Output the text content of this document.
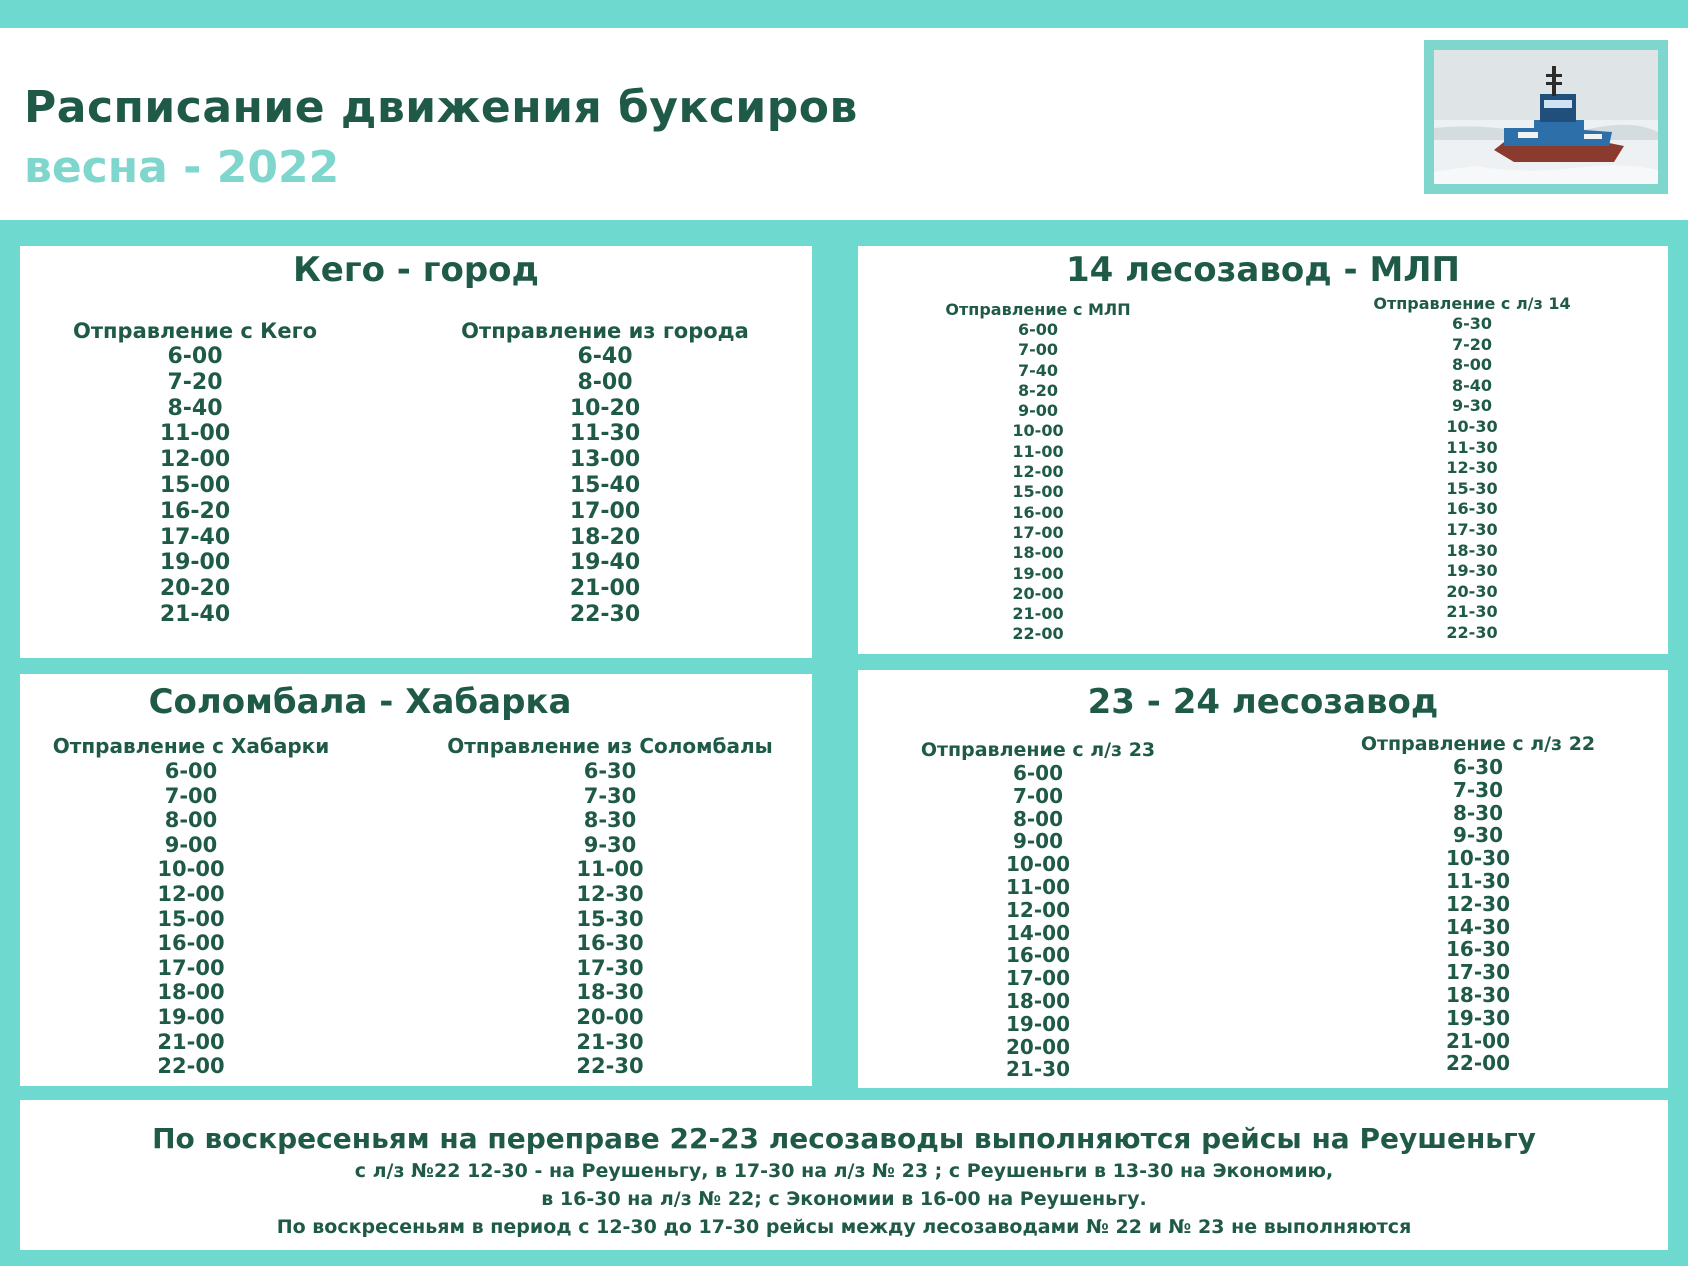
Расписание движения буксиров
весна - 2022
Кего - город
Отправление с Кего
6-00
7-20
8-40
11-00
12-00
15-00
16-20
17-40
19-00
20-20
21-40
Отправление из города
6-40
8-00
10-20
11-30
13-00
15-40
17-00
18-20
19-40
21-00
22-30
14 лесозавод - МЛП
Отправление с МЛП
6-00
7-00
7-40
8-20
9-00
10-00
11-00
12-00
15-00
16-00
17-00
18-00
19-00
20-00
21-00
22-00
Отправление с л/з 14
6-30
7-20
8-00
8-40
9-30
10-30
11-30
12-30
15-30
16-30
17-30
18-30
19-30
20-30
21-30
22-30
Соломбала - Хабарка
Отправление с Хабарки
6-00
7-00
8-00
9-00
10-00
12-00
15-00
16-00
17-00
18-00
19-00
21-00
22-00
Отправление из Соломбалы
6-30
7-30
8-30
9-30
11-00
12-30
15-30
16-30
17-30
18-30
20-00
21-30
22-30
23 - 24 лесозавод
Отправление с л/з 23
6-00
7-00
8-00
9-00
10-00
11-00
12-00
14-00
16-00
17-00
18-00
19-00
20-00
21-30
Отправление с л/з 22
6-30
7-30
8-30
9-30
10-30
11-30
12-30
14-30
16-30
17-30
18-30
19-30
21-00
22-00
По воскресеньям на переправе 22-23 лесозаводы выполняются рейсы на Реушеньгу
с л/з №22 12-30 - на Реушеньгу, в 17-30 на л/з № 23 ; с Реушеньги в 13-30 на Экономию,
в 16-30 на л/з № 22; с Экономии в 16-00 на Реушеньгу.
По воскресеньям в период с 12-30 до 17-30 рейсы между лесозаводами № 22 и № 23 не выполняются
